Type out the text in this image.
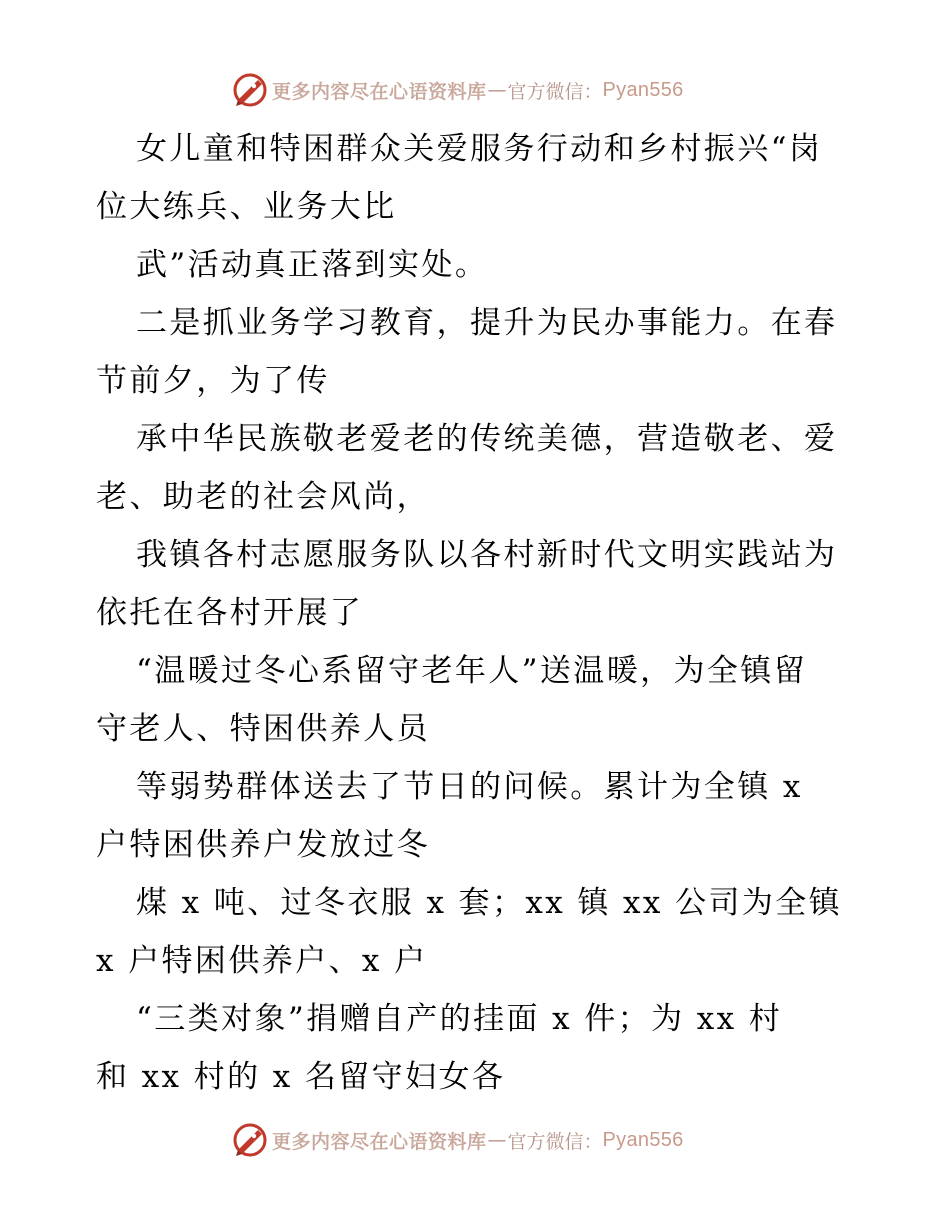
更多内容尽在心语资料库 — 官方微信： Pyan556
女儿童和特困群众关爱服务行动和乡村振兴“岗
位大练兵、业务大比
武”活动真正落到实处。
二是抓业务学习教育，提升为民办事能力。在春
节前夕，为了传
承中华民族敬老爱老的传统美德，营造敬老、爱
老、助老的社会风尚，
我镇各村志愿服务队以各村新时代文明实践站为
依托在各村开展了
“温暖过冬心系留守老年人”送温暖，为全镇留
守老人、特困供养人员
等弱势群体送去了节日的问候。累计为全镇 x
户特困供养户发放过冬
煤 x 吨、过冬衣服 x 套；xx 镇 xx 公司为全镇
x 户特困供养户、x 户
“三类对象”捐赠自产的挂面 x 件；为 xx 村
和 xx 村的 x 名留守妇女各
更多内容尽在心语资料库 — 官方微信： Pyan556
